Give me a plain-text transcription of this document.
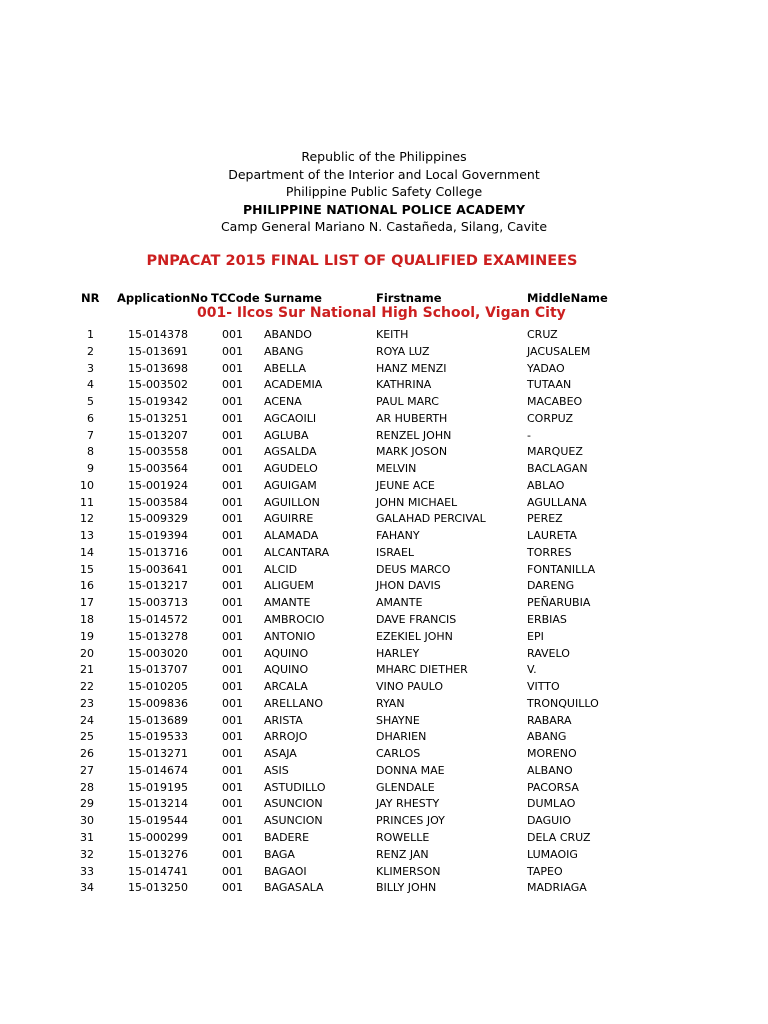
Republic of the Philippines
Department of the Interior and Local Government
Philippine Public Safety College
PHILIPPINE NATIONAL POLICE ACADEMY
Camp General Mariano N. Castañeda, Silang, Cavite
PNPACAT 2015 FINAL LIST OF QUALIFIED EXAMINEES
NR ApplicationNo TCCode Surname	Firstname	MiddleName
001- Ilcos Sur National High School, Vigan City
1	15-014378	001 ABANDO	KEITH	CRUZ
2	15-013691	001 ABANG	ROYA LUZ	JACUSALEM
3	15-013698	001 ABELLA	HANZ MENZI	YADAO
4	15-003502	001 ACADEMIA	KATHRINA	TUTAAN
5	15-019342	001 ACENA	PAUL MARC	MACABEO
6	15-013251	001 AGCAOILI	AR HUBERTH	CORPUZ
7	15-013207	001 AGLUBA	RENZEL JOHN	-
8	15-003558	001 AGSALDA	MARK JOSON	MARQUEZ
9	15-003564	001 AGUDELO	MELVIN	BACLAGAN
10	15-001924	001 AGUIGAM	JEUNE ACE	ABLAO
11	15-003584	001 AGUILLON	JOHN MICHAEL	AGULLANA
12	15-009329	001 AGUIRRE	GALAHAD PERCIVAL	PEREZ
13	15-019394	001 ALAMADA	FAHANY	LAURETA
14	15-013716	001 ALCANTARA	ISRAEL	TORRES
15	15-003641	001 ALCID	DEUS MARCO	FONTANILLA
16	15-013217	001 ALIGUEM	JHON DAVIS	DARENG
17	15-003713	001 AMANTE	AMANTE	PEÑARUBIA
18	15-014572	001 AMBROCIO	DAVE FRANCIS	ERBIAS
19	15-013278	001 ANTONIO	EZEKIEL JOHN	EPI
20	15-003020	001 AQUINO	HARLEY	RAVELO
21	15-013707	001 AQUINO	MHARC DIETHER	V.
22	15-010205	001 ARCALA	VINO PAULO	VITTO
23	15-009836	001 ARELLANO	RYAN	TRONQUILLO
24	15-013689	001 ARISTA	SHAYNE	RABARA
25	15-019533	001 ARROJO	DHARIEN	ABANG
26	15-013271	001 ASAJA	CARLOS	MORENO
27	15-014674	001 ASIS	DONNA MAE	ALBANO
28	15-019195	001 ASTUDILLO	GLENDALE	PACORSA
29	15-013214	001 ASUNCION	JAY RHESTY	DUMLAO
30	15-019544	001 ASUNCION	PRINCES JOY	DAGUIO
31	15-000299	001 BADERE	ROWELLE	DELA CRUZ
32	15-013276	001 BAGA	RENZ JAN	LUMAOIG
33	15-014741	001 BAGAOI	KLIMERSON	TAPEO
34	15-013250	001 BAGASALA	BILLY JOHN	MADRIAGA
